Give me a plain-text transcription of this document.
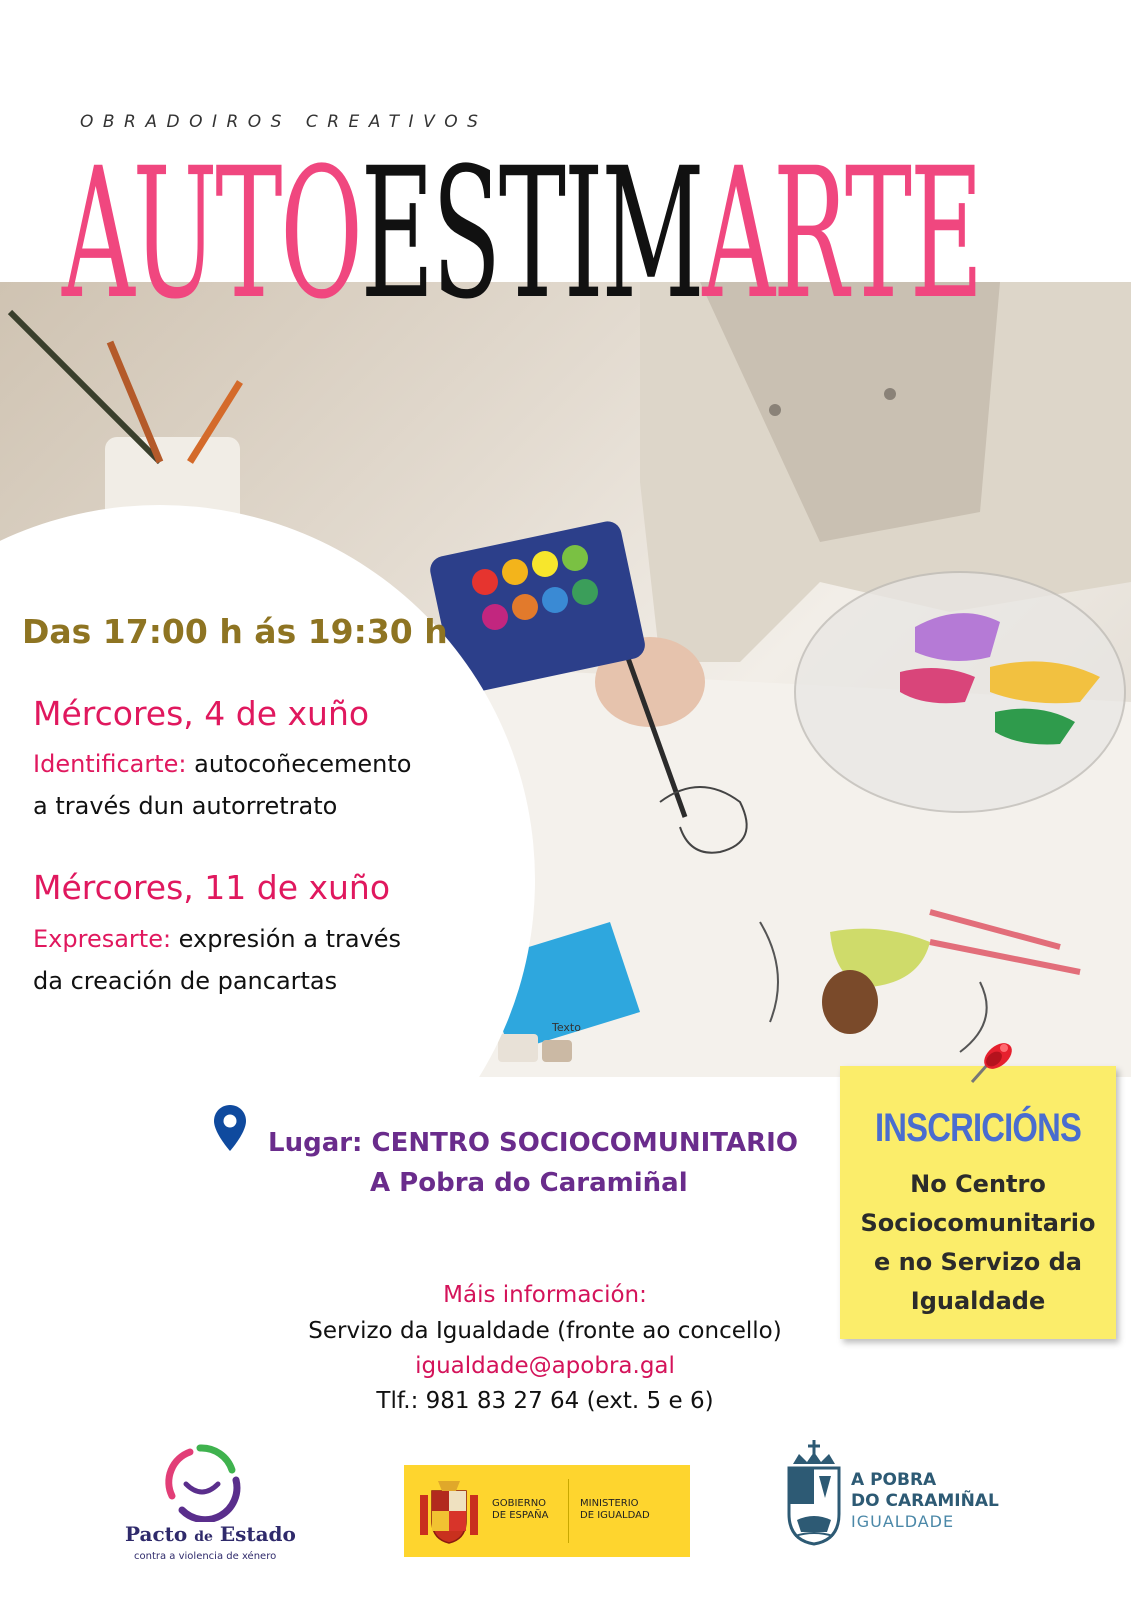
OBRADOIROS CREATIVOS
AUTOESTIMARTE
Das 17:00 h ás 19:30 h
Mércores, 4 de xuño
Identificarte: autocoñecemento
a través dun autorretrato
Mércores, 11 de xuño
Expresarte: expresión a través
da creación de pancartas
Texto
Lugar: CENTRO SOCIOCOMUNITARIO
A Pobra do Caramiñal
Máis información:
Servizo da Igualdade (fronte ao concello)
igualdade@apobra.gal
Tlf.: 981 83 27 64 (ext. 5 e 6)
INSCRICIÓNS
No Centro
Sociocomunitario
e no Servizo da
Igualdade
Pacto de Estado
contra a violencia de xénero
GOBIERNO
DE ESPAÑA
MINISTERIO
DE IGUALDAD
A POBRA
DO CARAMIÑAL
IGUALDADE
